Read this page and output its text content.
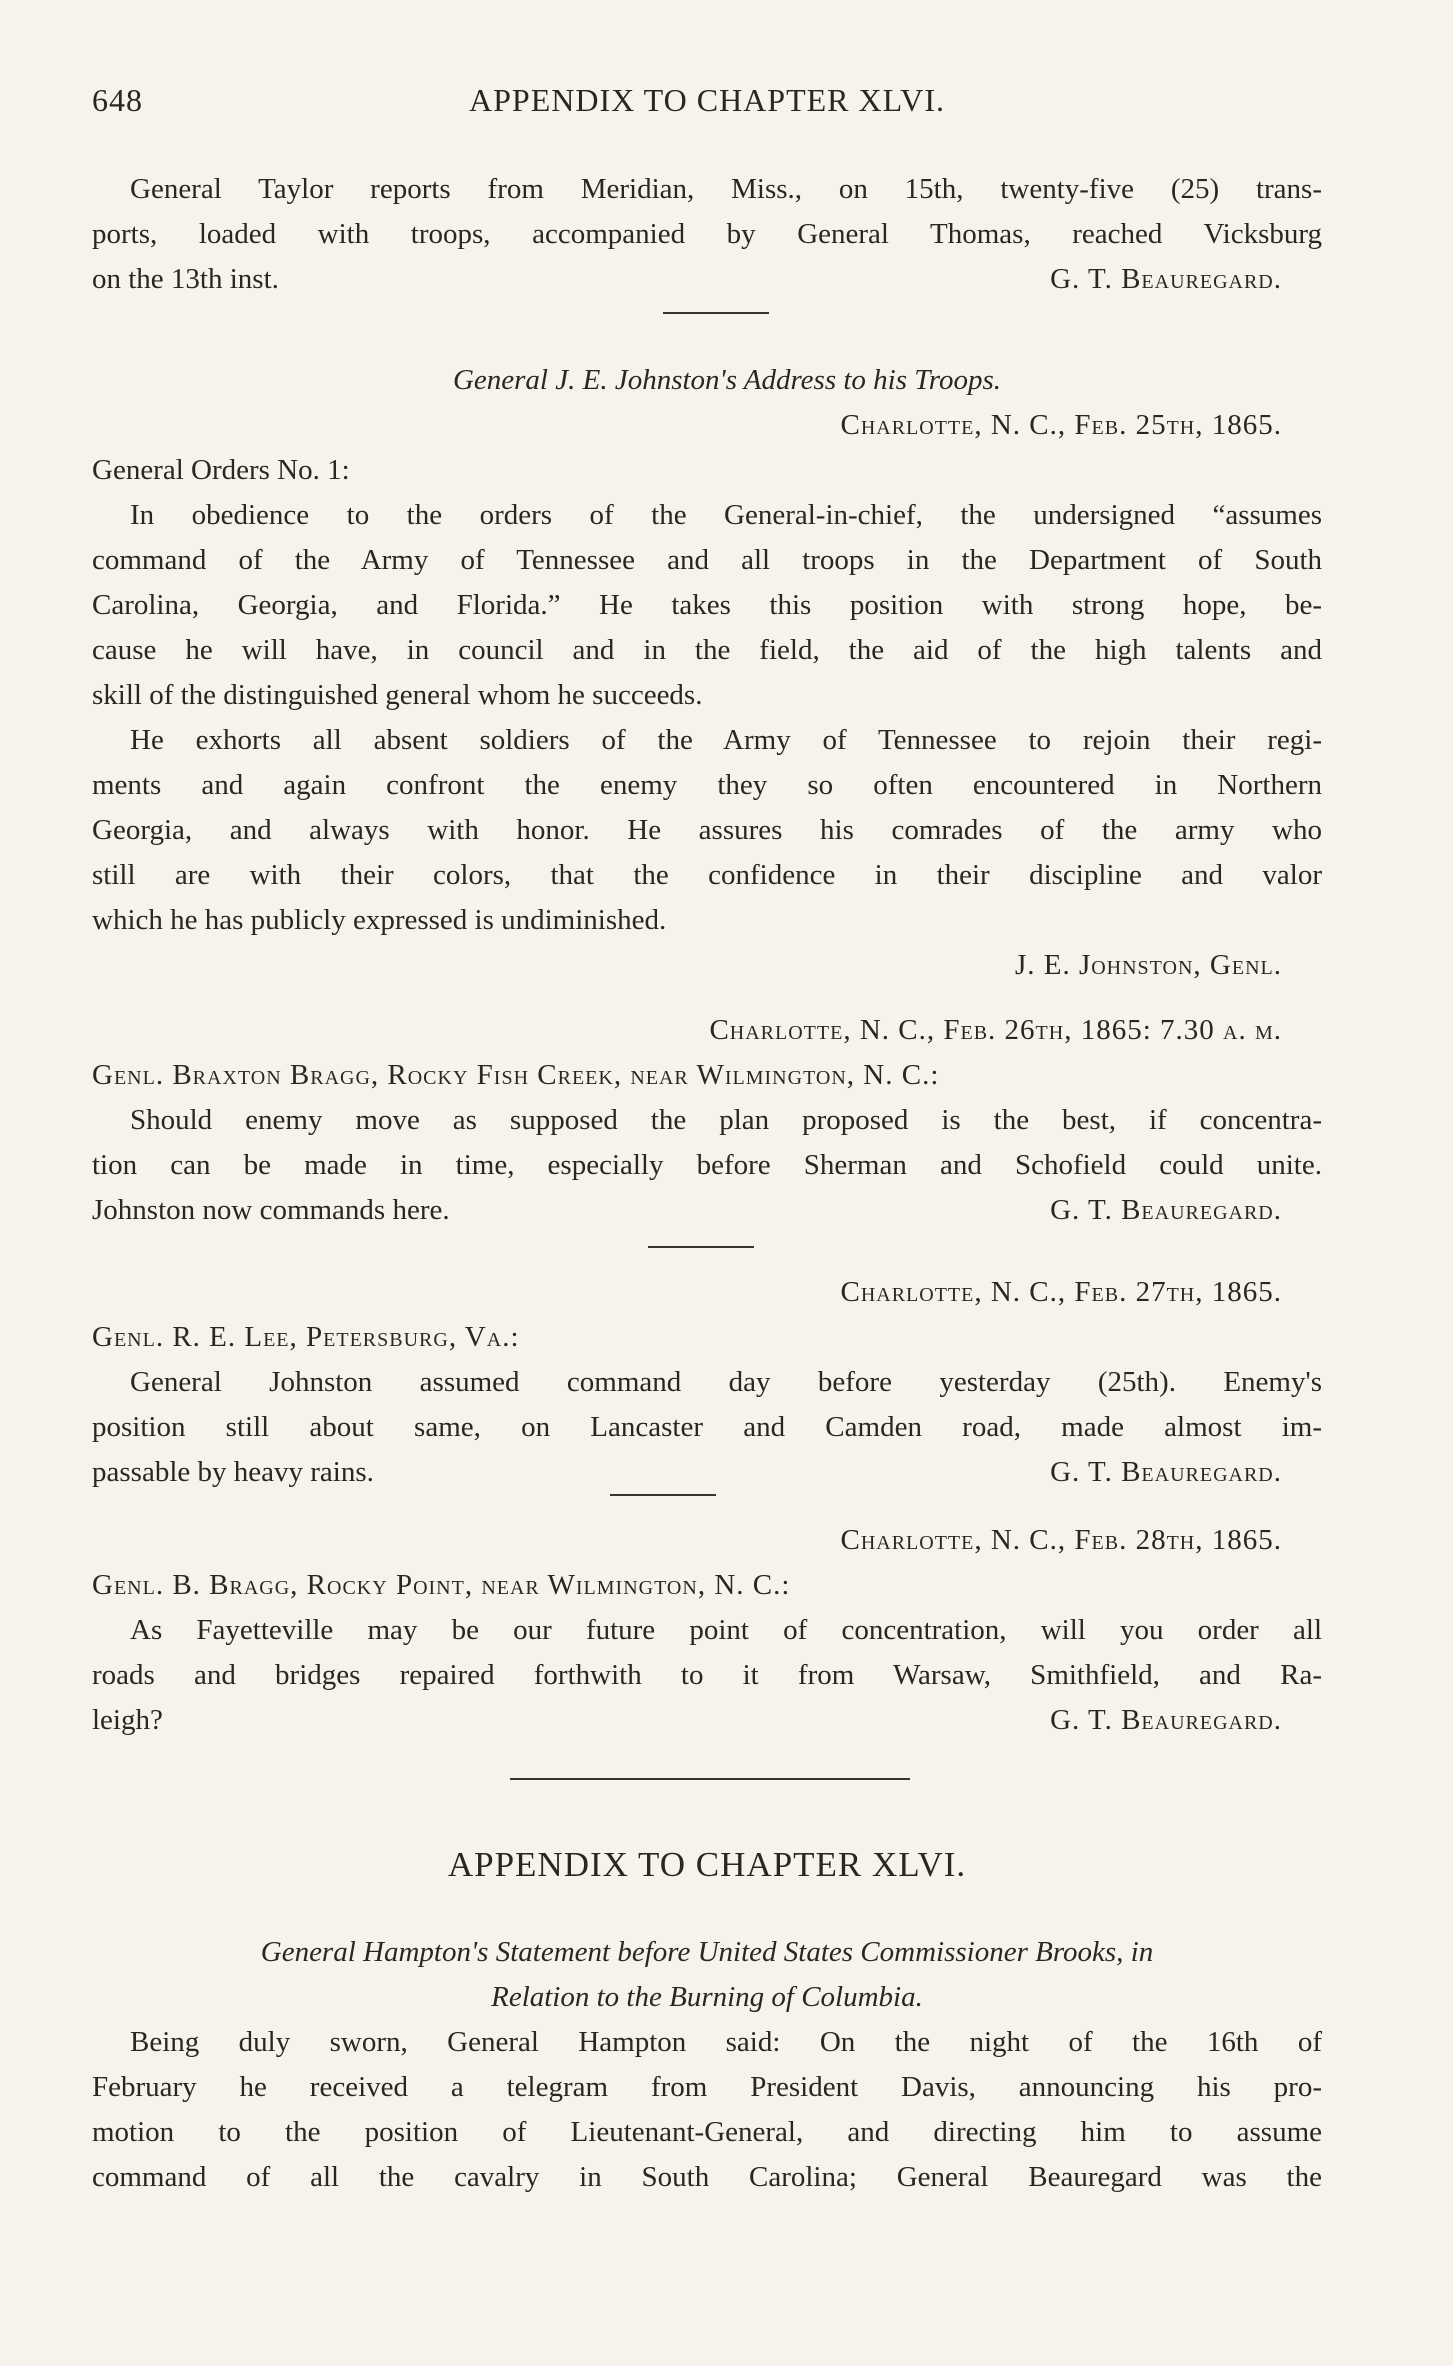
648	APPENDIX TO CHAPTER XLVI.
General Taylor reports from Meridian, Miss., on 15th, twenty-five (25) trans-
ports, loaded with troops, accompanied by General Thomas, reached Vicksburg
on the 13th inst.	G. T. Beauregard.
General J. E. Johnston's Address to his Troops.
Charlotte, N. C., Feb. 25th, 1865.
General Orders No. 1:
In obedience to the orders of the General-in-chief, the undersigned “assumes
command of the Army of Tennessee and all troops in the Department of South
Carolina, Georgia, and Florida.” He takes this position with strong hope, be-
cause he will have, in council and in the field, the aid of the high talents and
skill of the distinguished general whom he succeeds.
He exhorts all absent soldiers of the Army of Tennessee to rejoin their regi-
ments and again confront the enemy they so often encountered in Northern
Georgia, and always with honor. He assures his comrades of the army who
still are with their colors, that the confidence in their discipline and valor
which he has publicly expressed is undiminished.
J. E. Johnston, Genl.
Charlotte, N. C., Feb. 26th, 1865: 7.30 a. m.
Genl. Braxton Bragg, Rocky Fish Creek, near Wilmington, N. C.:
Should enemy move as supposed the plan proposed is the best, if concentra-
tion can be made in time, especially before Sherman and Schofield could unite.
Johnston now commands here.	G. T. Beauregard.
Charlotte, N. C., Feb. 27th, 1865.
Genl. R. E. Lee, Petersburg, Va.:
General Johnston assumed command day before yesterday (25th). Enemy's
position still about same, on Lancaster and Camden road, made almost im-
passable by heavy rains.	G. T. Beauregard.
Charlotte, N. C., Feb. 28th, 1865.
Genl. B. Bragg, Rocky Point, near Wilmington, N. C.:
As Fayetteville may be our future point of concentration, will you order all
roads and bridges repaired forthwith to it from Warsaw, Smithfield, and Ra-
leigh?	G. T. Beauregard.
APPENDIX TO CHAPTER XLVI.
General Hampton's Statement before United States Commissioner Brooks, in
Relation to the Burning of Columbia.
Being duly sworn, General Hampton said: On the night of the 16th of
February he received a telegram from President Davis, announcing his pro-
motion to the position of Lieutenant-General, and directing him to assume
command of all the cavalry in South Carolina; General Beauregard was the
